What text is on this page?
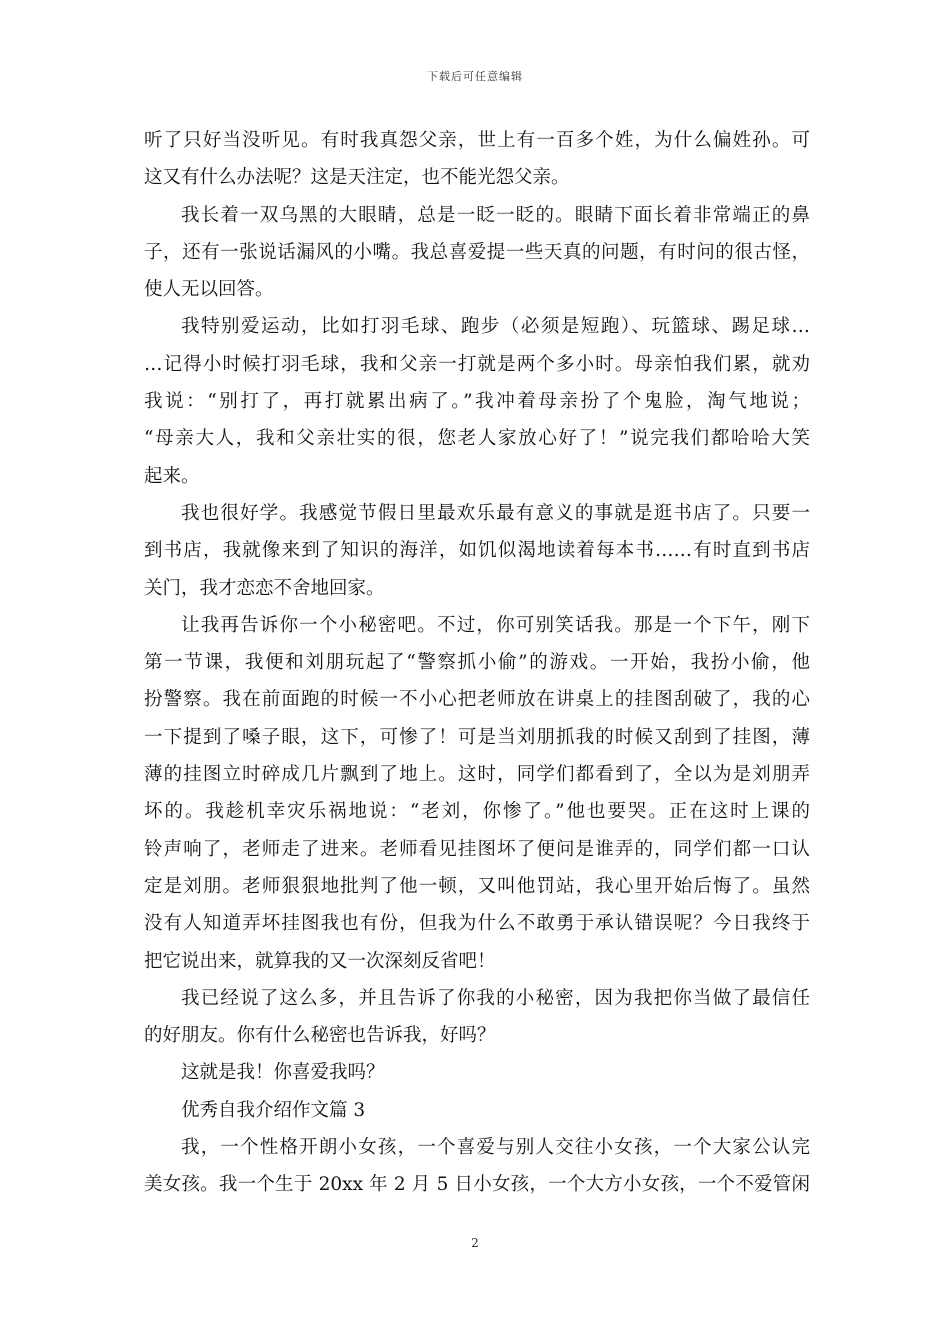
下载后可任意编辑
听了只好当没听见。有时我真怨父亲，世上有一百多个姓，为什么偏姓孙。可
这又有什么办法呢？这是天注定，也不能光怨父亲。
我长着一双乌黑的大眼睛，总是一眨一眨的。眼睛下面长着非常端正的鼻
子，还有一张说话漏风的小嘴。我总喜爱提一些天真的问题，有时问的很古怪，
使人无以回答。
我特别爱运动，比如打羽毛球、跑步（必须是短跑）、玩篮球、踢足球…
…记得小时候打羽毛球，我和父亲一打就是两个多小时。母亲怕我们累，就劝
我说：“别打了，再打就累出病了。”我冲着母亲扮了个鬼脸，淘气地说；
“母亲大人，我和父亲壮实的很，您老人家放心好了！”说完我们都哈哈大笑
起来。
我也很好学。我感觉节假日里最欢乐最有意义的事就是逛书店了。只要一
到书店，我就像来到了知识的海洋，如饥似渴地读着每本书……有时直到书店
关门，我才恋恋不舍地回家。
让我再告诉你一个小秘密吧。不过，你可别笑话我。那是一个下午，刚下
第一节课，我便和刘朋玩起了“警察抓小偷”的游戏。一开始，我扮小偷，他
扮警察。我在前面跑的时候一不小心把老师放在讲桌上的挂图刮破了，我的心
一下提到了嗓子眼，这下，可惨了！可是当刘朋抓我的时候又刮到了挂图，薄
薄的挂图立时碎成几片飘到了地上。这时，同学们都看到了，全以为是刘朋弄
坏的。我趁机幸灾乐祸地说：“老刘，你惨了。”他也要哭。正在这时上课的
铃声响了，老师走了进来。老师看见挂图坏了便问是谁弄的，同学们都一口认
定是刘朋。老师狠狠地批判了他一顿，又叫他罚站，我心里开始后悔了。虽然
没有人知道弄坏挂图我也有份，但我为什么不敢勇于承认错误呢？今日我终于
把它说出来，就算我的又一次深刻反省吧！
我已经说了这么多，并且告诉了你我的小秘密，因为我把你当做了最信任
的好朋友。你有什么秘密也告诉我，好吗？
这就是我！你喜爱我吗？
优秀自我介绍作文篇 3
我，一个性格开朗小女孩，一个喜爱与别人交往小女孩，一个大家公认完
美女孩。我一个生于 20xx 年 2 月 5 日小女孩，一个大方小女孩，一个不爱管闲
2
